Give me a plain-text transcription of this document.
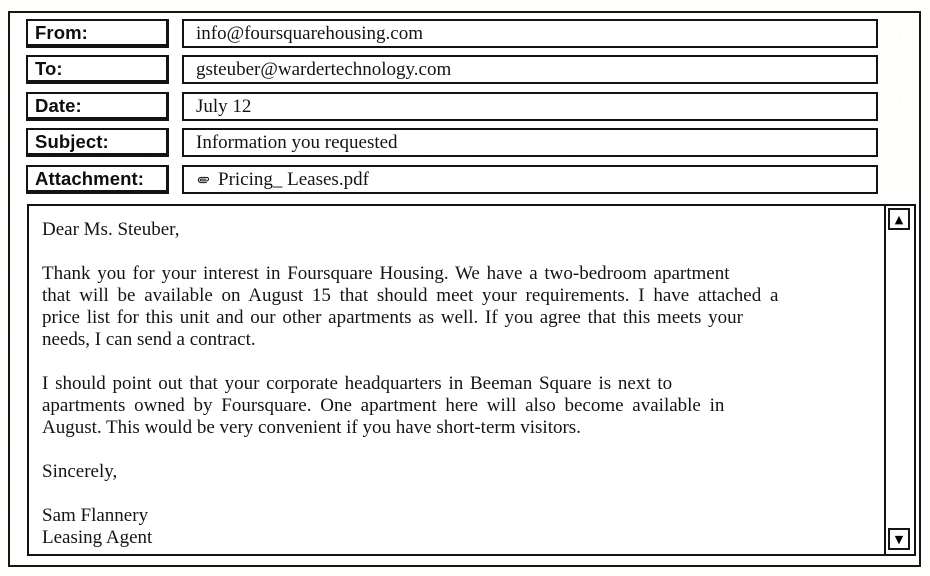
From:	info@foursquarehousing.com
To:	gsteuber@wardertechnology.com
Date:	July 12
Subject:	Information you requested
Attachment:	Pricing_ Leases.pdf
Dear Ms. Steuber,
Thank you for your interest in Foursquare Housing. We have a two-bedroom apartment
that will be available on August 15 that should meet your requirements. I have attached a
price list for this unit and our other apartments as well. If you agree that this meets your
needs, I can send a contract.
I should point out that your corporate headquarters in Beeman Square is next to
apartments owned by Foursquare. One apartment here will also become available in
August. This would be very convenient if you have short-term visitors.
Sincerely,
Sam Flannery
Leasing Agent
▲
▼
